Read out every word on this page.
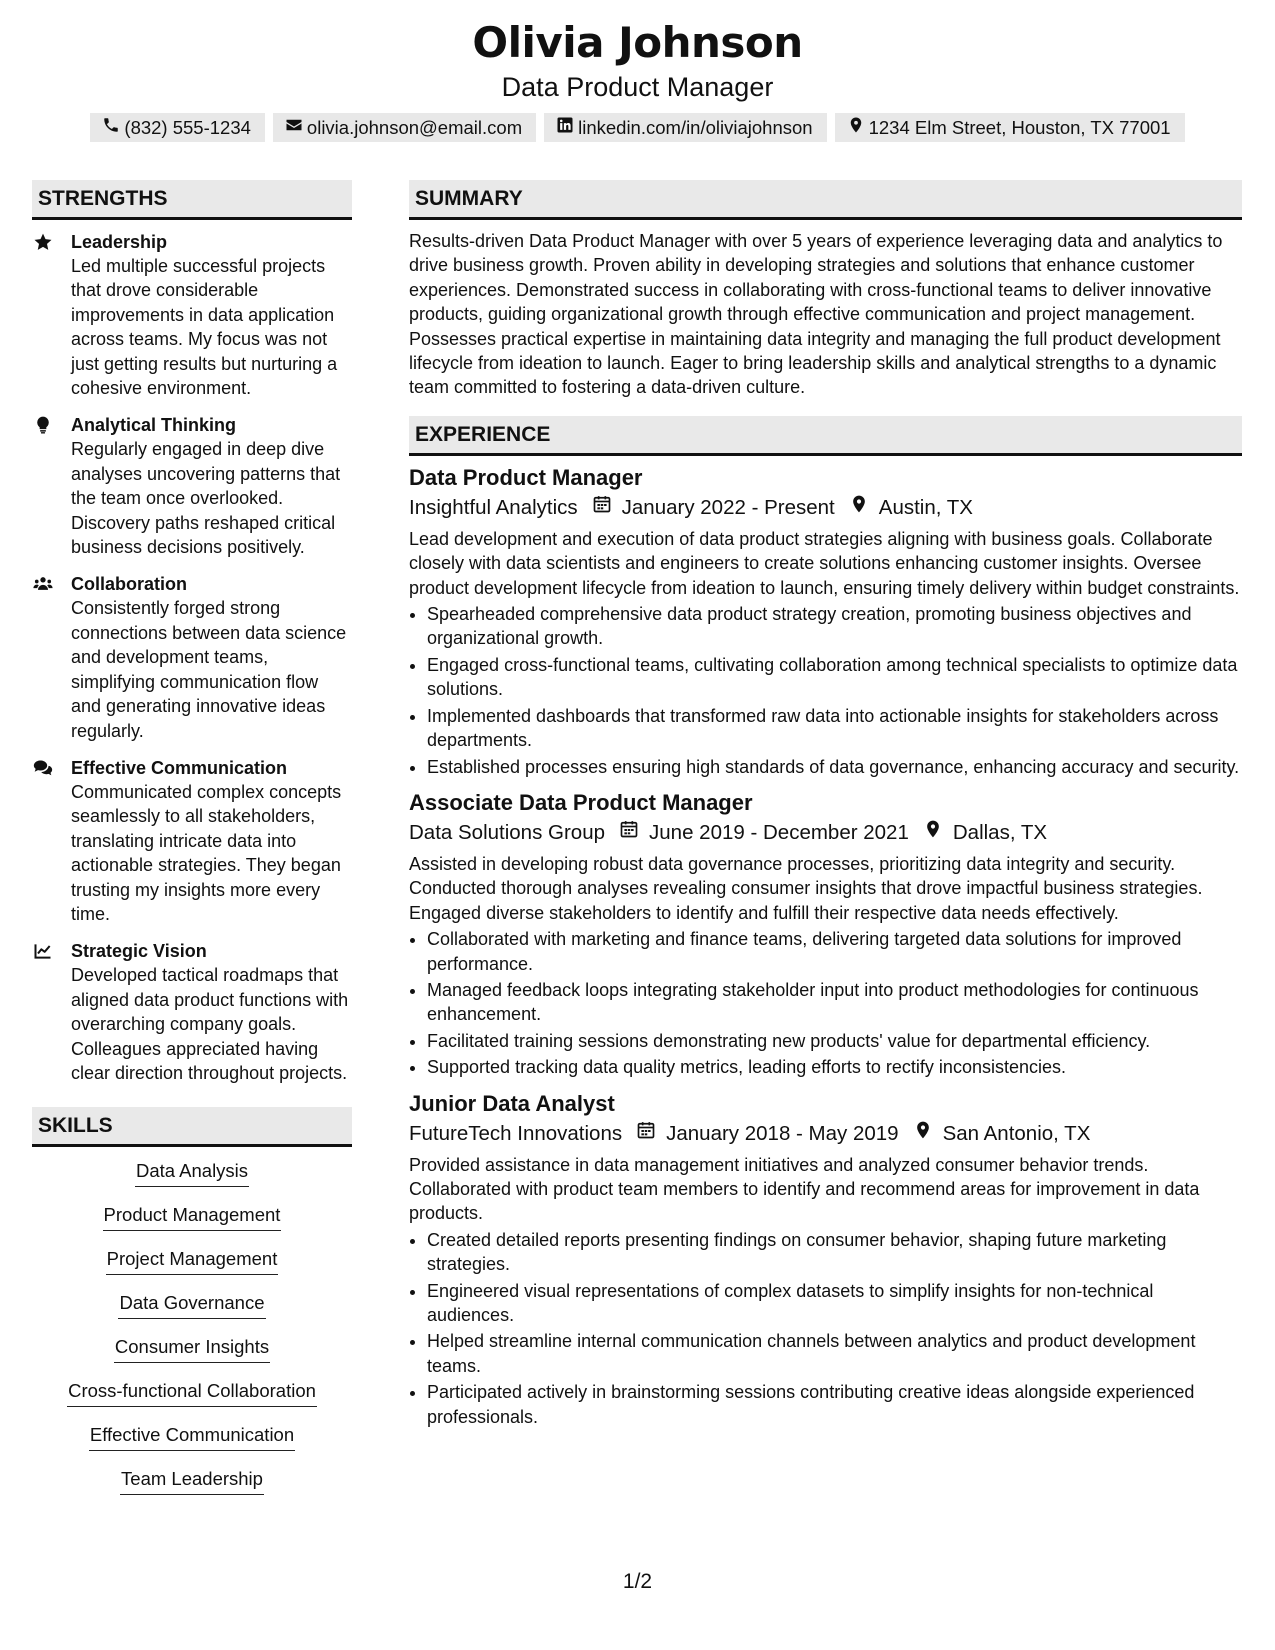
Olivia Johnson
Data Product Manager
(832) 555-1234	olivia.johnson@email.com	linkedin.com/in/oliviajohnson	1234 Elm Street, Houston, TX 77001
STRENGTHS
Leadership
Led multiple successful projects that drove considerable improvements in data application across teams. My focus was not just getting results but nurturing a cohesive environment.
Analytical Thinking
Regularly engaged in deep dive analyses uncovering patterns that the team once overlooked. Discovery paths reshaped critical business decisions positively.
Collaboration
Consistently forged strong connections between data science and development teams, simplifying communication flow and generating innovative ideas regularly.
Effective Communication
Communicated complex concepts seamlessly to all stakeholders, translating intricate data into actionable strategies. They began trusting my insights more every time.
Strategic Vision
Developed tactical roadmaps that aligned data product functions with overarching company goals. Colleagues appreciated having clear direction throughout projects.
SKILLS
Data Analysis
Product Management
Project Management
Data Governance
Consumer Insights
Cross-functional Collaboration
Effective Communication
Team Leadership
SUMMARY
Results-driven Data Product Manager with over 5 years of experience leveraging data and analytics to drive business growth. Proven ability in developing strategies and solutions that enhance customer experiences. Demonstrated success in collaborating with cross-functional teams to deliver innovative products, guiding organizational growth through effective communication and project management. Possesses practical expertise in maintaining data integrity and managing the full product development lifecycle from ideation to launch. Eager to bring leadership skills and analytical strengths to a dynamic team committed to fostering a data-driven culture.
EXPERIENCE
Data Product Manager
Insightful Analytics January 2022 - Present Austin, TX
Lead development and execution of data product strategies aligning with business goals. Collaborate closely with data scientists and engineers to create solutions enhancing customer insights. Oversee product development lifecycle from ideation to launch, ensuring timely delivery within budget constraints.
• Spearheaded comprehensive data product strategy creation, promoting business objectives and organizational growth.
• Engaged cross-functional teams, cultivating collaboration among technical specialists to optimize data solutions.
• Implemented dashboards that transformed raw data into actionable insights for stakeholders across departments.
• Established processes ensuring high standards of data governance, enhancing accuracy and security.
Associate Data Product Manager
Data Solutions Group June 2019 - December 2021 Dallas, TX
Assisted in developing robust data governance processes, prioritizing data integrity and security. Conducted thorough analyses revealing consumer insights that drove impactful business strategies. Engaged diverse stakeholders to identify and fulfill their respective data needs effectively.
• Collaborated with marketing and finance teams, delivering targeted data solutions for improved performance.
• Managed feedback loops integrating stakeholder input into product methodologies for continuous enhancement.
• Facilitated training sessions demonstrating new products' value for departmental efficiency.
• Supported tracking data quality metrics, leading efforts to rectify inconsistencies.
Junior Data Analyst
FutureTech Innovations January 2018 - May 2019 San Antonio, TX
Provided assistance in data management initiatives and analyzed consumer behavior trends. Collaborated with product team members to identify and recommend areas for improvement in data products.
• Created detailed reports presenting findings on consumer behavior, shaping future marketing strategies.
• Engineered visual representations of complex datasets to simplify insights for non-technical audiences.
• Helped streamline internal communication channels between analytics and product development teams.
• Participated actively in brainstorming sessions contributing creative ideas alongside experienced professionals.
1/2
